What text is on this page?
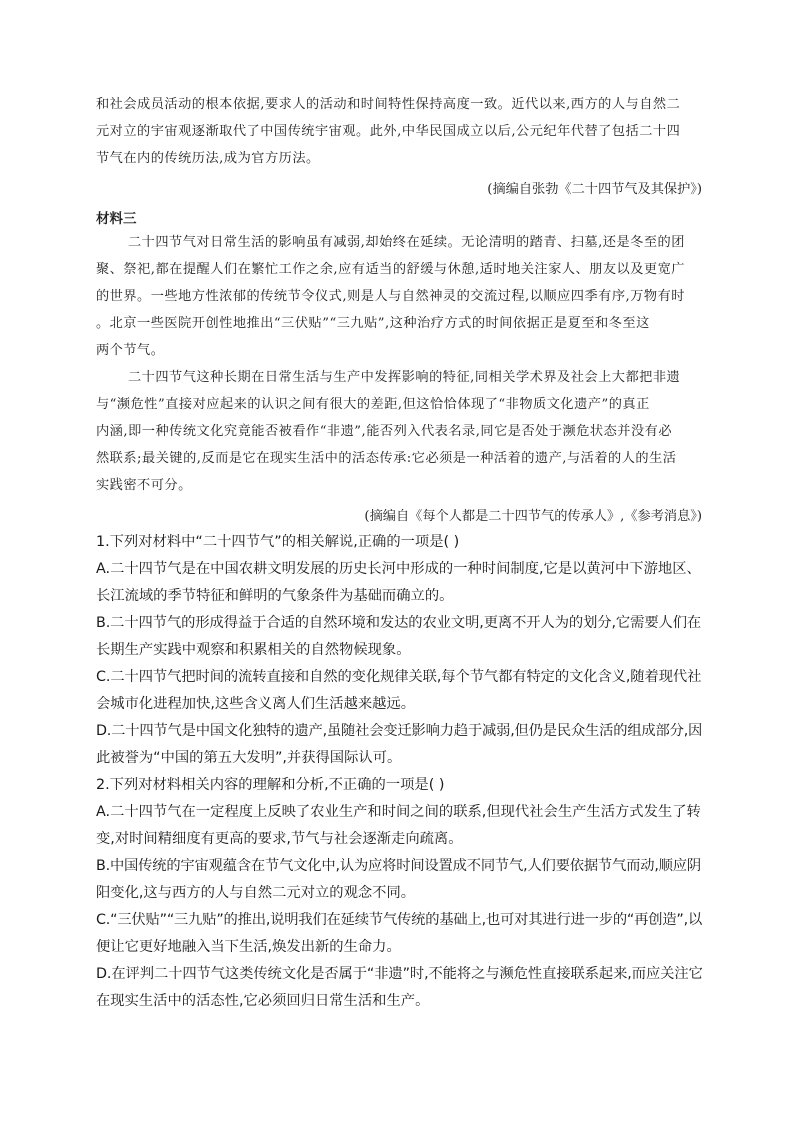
和社会成员活动的根本依据,要求人的活动和时间特性保持高度一致。近代以来,西方的人与自然二
元对立的宇宙观逐渐取代了中国传统宇宙观。此外,中华民国成立以后,公元纪年代替了包括二十四
节气在内的传统历法,成为官方历法。
(摘编自张勃《二十四节气及其保护》)
材料三
二十四节气对日常生活的影响虽有减弱,却始终在延续。无论清明的踏青、扫墓,还是冬至的团
聚、祭祀,都在提醒人们在繁忙工作之余,应有适当的舒缓与休憩,适时地关注家人、朋友以及更宽广
的世界。一些地方性浓郁的传统节令仪式,则是人与自然神灵的交流过程,以顺应四季有序,万物有时
。北京一些医院开创性地推出“三伏贴”“三九贴”,这种治疗方式的时间依据正是夏至和冬至这
两个节气。
二十四节气这种长期在日常生活与生产中发挥影响的特征,同相关学术界及社会上大都把非遗
与“濒危性”直接对应起来的认识之间有很大的差距,但这恰恰体现了“非物质文化遗产”的真正
内涵,即一种传统文化究竟能否被看作“非遗”,能否列入代表名录,同它是否处于濒危状态并没有必
然联系;最关键的,反而是它在现实生活中的活态传承:它必须是一种活着的遗产,与活着的人的生活
实践密不可分。
(摘编自《每个人都是二十四节气的传承人》,《参考消息》)
1.下列对材料中“二十四节气”的相关解说,正确的一项是( )
A.二十四节气是在中国农耕文明发展的历史长河中形成的一种时间制度,它是以黄河中下游地区、
长江流域的季节特征和鲜明的气象条件为基础而确立的。
B.二十四节气的形成得益于合适的自然环境和发达的农业文明,更离不开人为的划分,它需要人们在
长期生产实践中观察和积累相关的自然物候现象。
C.二十四节气把时间的流转直接和自然的变化规律关联,每个节气都有特定的文化含义,随着现代社
会城市化进程加快,这些含义离人们生活越来越远。
D.二十四节气是中国文化独特的遗产,虽随社会变迁影响力趋于减弱,但仍是民众生活的组成部分,因
此被誉为“中国的第五大发明”,并获得国际认可。
2.下列对材料相关内容的理解和分析,不正确的一项是( )
A.二十四节气在一定程度上反映了农业生产和时间之间的联系,但现代社会生产生活方式发生了转
变,对时间精细度有更高的要求,节气与社会逐渐走向疏离。
B.中国传统的宇宙观蕴含在节气文化中,认为应将时间设置成不同节气,人们要依据节气而动,顺应阴
阳变化,这与西方的人与自然二元对立的观念不同。
C.“三伏贴”“三九贴”的推出,说明我们在延续节气传统的基础上,也可对其进行进一步的“再创造”,以
便让它更好地融入当下生活,焕发出新的生命力。
D.在评判二十四节气这类传统文化是否属于“非遗”时,不能将之与濒危性直接联系起来,而应关注它
在现实生活中的活态性,它必须回归日常生活和生产。
